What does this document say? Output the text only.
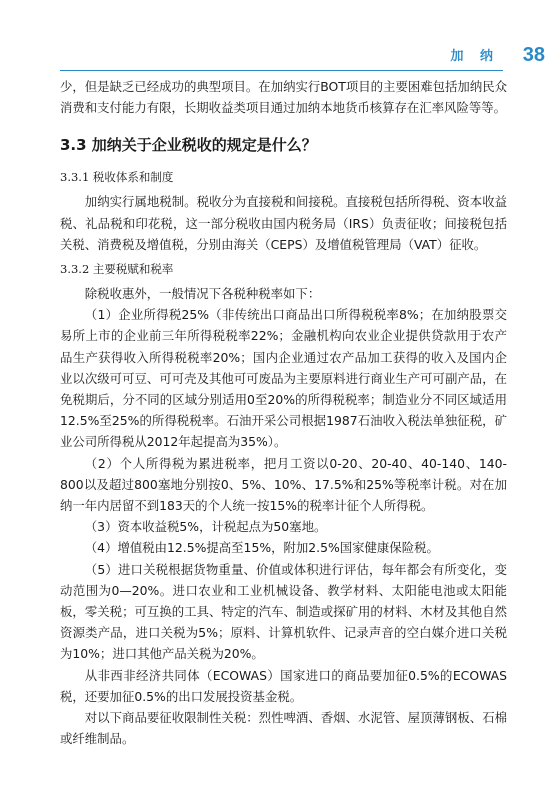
加 纳 38

少，但是缺乏已经成功的典型项目。在加纳实行BOT项目的主要困难包括加纳民众消费和支付能力有限，长期收益类项目通过加纳本地货币核算存在汇率风险等等。

3.3 加纳关于企业税收的规定是什么？
3.3.1 税收体系和制度

加纳实行属地税制。税收分为直接税和间接税。直接税包括所得税、资本收益税、礼品税和印花税，这一部分税收由国内税务局（IRS）负责征收；间接税包括关税、消费税及增值税，分别由海关（CEPS）及增值税管理局（VAT）征收。

3.3.2 主要税赋和税率

除税收惠外，一般情况下各税种税率如下：

（1）企业所得税25%（非传统出口商品出口所得税税率8%；在加纳股票交易所上市的企业前三年所得税税率22%；金融机构向农业企业提供贷款用于农产品生产获得收入所得税税率20%；国内企业通过农产品加工获得的收入及国内企业以次级可可豆、可可壳及其他可可废品为主要原料进行商业生产可可副产品，在免税期后，分不同的区域分别适用0至20%的所得税税率；制造业分不同区域适用12.5%至25%的所得税税率。石油开采公司根据1987石油收入税法单独征税，矿业公司所得税从2012年起提高为35%）。

（2）个人所得税为累进税率，把月工资以0-20、20-40、40-140、140-800以及超过800塞地分别按0、5%、10%、17.5%和25%等税率计税。对在加纳一年内居留不到183天的个人统一按15%的税率计征个人所得税。

（3）资本收益税5%，计税起点为50塞地。

（4）增值税由12.5%提高至15%，附加2.5%国家健康保险税。

（5）进口关税根据货物重量、价值或体积进行评估，每年都会有所变化，变动范围为0—20%。进口农业和工业机械设备、教学材料、太阳能电池或太阳能板，零关税；可互换的工具、特定的汽车、制造或探矿用的材料、木材及其他自然资源类产品，进口关税为5%；原料、计算机软件、记录声音的空白媒介进口关税为10%；进口其他产品关税为20%。

从非西非经济共同体（ECOWAS）国家进口的商品要加征0.5%的ECOWAS税，还要加征0.5%的出口发展投资基金税。

对以下商品要征收限制性关税：烈性啤酒、香烟、水泥管、屋顶薄钢板、石棉或纤维制品。
